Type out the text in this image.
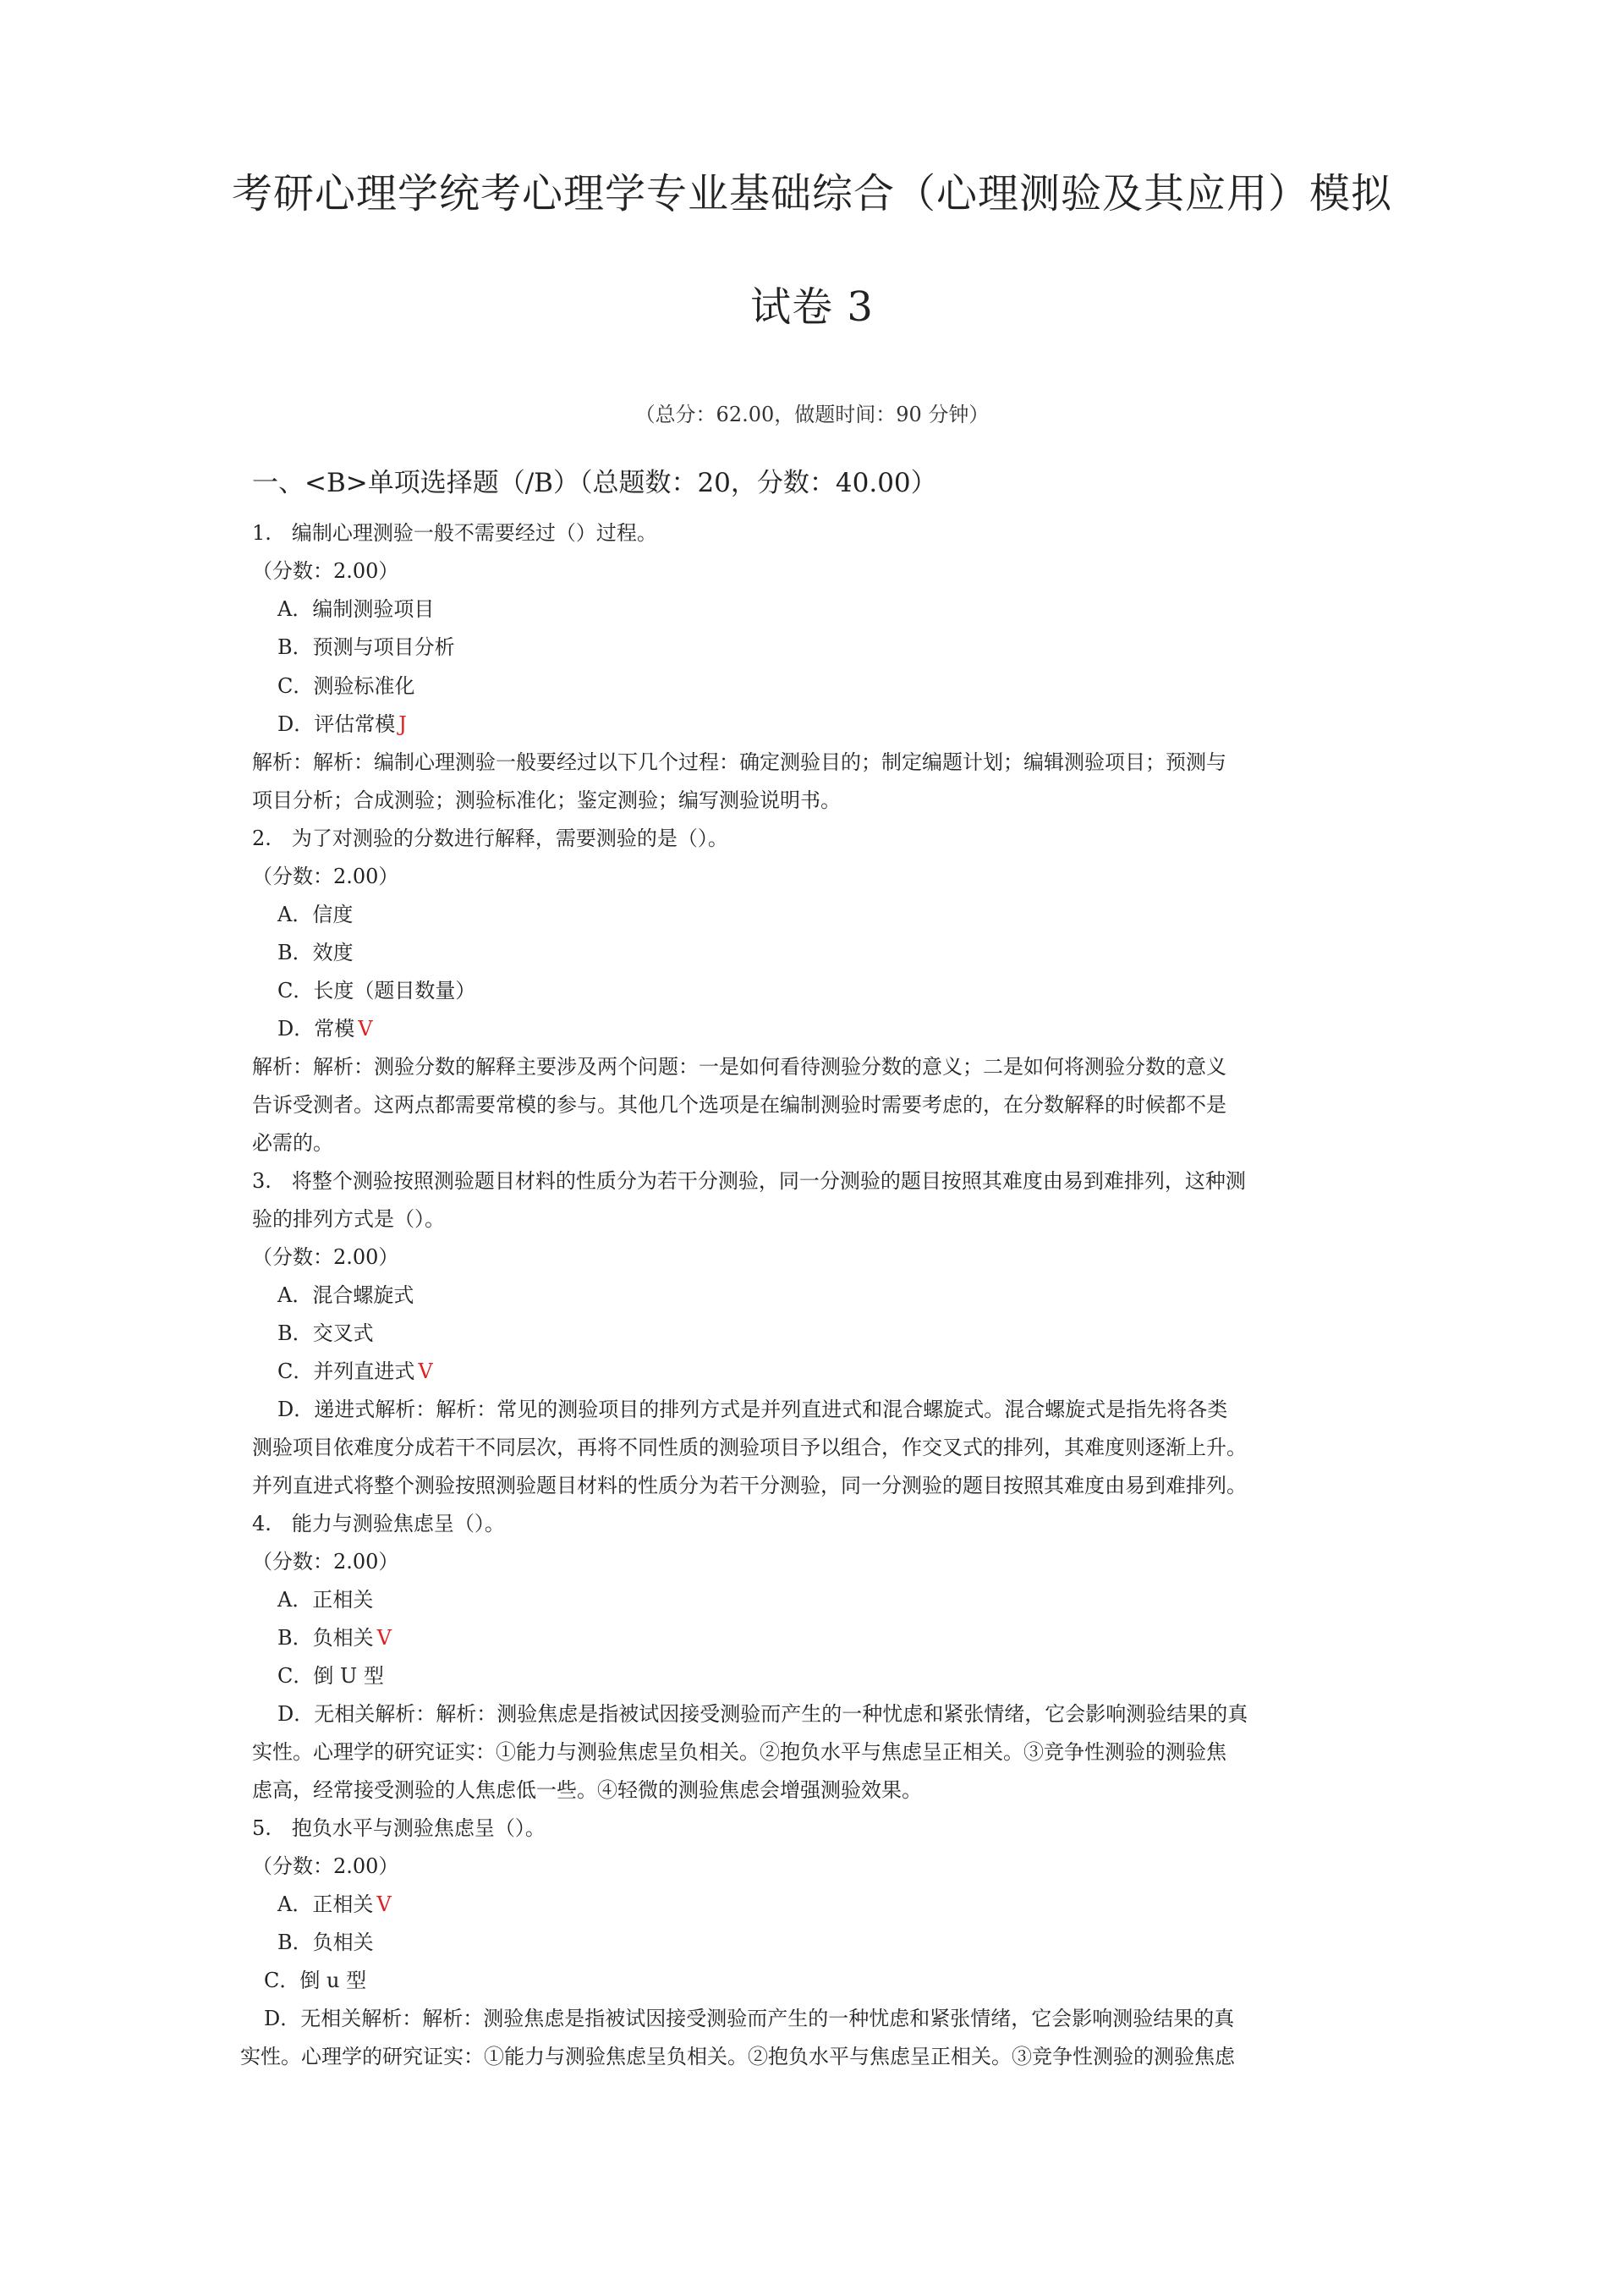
考研心理学统考心理学专业基础综合（心理测验及其应用）模拟
试卷 3
（总分：62.00，做题时间：90 分钟）
一、<B>单项选择题（/B）（总题数：20，分数：40.00）
1.　编制心理测验一般不需要经过（）过程。
（分数：2.00）
A．编制测验项目
B．预测与项目分析
C．测验标准化
D．评估常模 J
解析：解析：编制心理测验一般要经过以下几个过程：确定测验目的；制定编题计划；编辑测验项目；预测与
项目分析；合成测验；测验标准化；鉴定测验；编写测验说明书。
2.　为了对测验的分数进行解释，需要测验的是（）。
（分数：2.00）
A．信度
B．效度
C．长度（题目数量）
D．常模 V
解析：解析：测验分数的解释主要涉及两个问题：一是如何看待测验分数的意义；二是如何将测验分数的意义
告诉受测者。这两点都需要常模的参与。其他几个选项是在编制测验时需要考虑的，在分数解释的时候都不是
必需的。
3.　将整个测验按照测验题目材料的性质分为若干分测验，同一分测验的题目按照其难度由易到难排列，这种测
验的排列方式是（）。
（分数：2.00）
A．混合螺旋式
B．交叉式
C．并列直进式 V
D．递进式解析：解析：常见的测验项目的排列方式是并列直进式和混合螺旋式。混合螺旋式是指先将各类
测验项目依难度分成若干不同层次，再将不同性质的测验项目予以组合，作交叉式的排列，其难度则逐渐上升。
并列直进式将整个测验按照测验题目材料的性质分为若干分测验，同一分测验的题目按照其难度由易到难排列。
4.　能力与测验焦虑呈（）。
（分数：2.00）
A．正相关
B．负相关 V
C．倒 U 型
D．无相关解析：解析：测验焦虑是指被试因接受测验而产生的一种忧虑和紧张情绪，它会影响测验结果的真
实性。心理学的研究证实：①能力与测验焦虑呈负相关。②抱负水平与焦虑呈正相关。③竞争性测验的测验焦
虑高，经常接受测验的人焦虑低一些。④轻微的测验焦虑会增强测验效果。
5.　抱负水平与测验焦虑呈（）。
（分数：2.00）
A．正相关 V
B．负相关
C．倒 u 型
D．无相关解析：解析：测验焦虑是指被试因接受测验而产生的一种忧虑和紧张情绪，它会影响测验结果的真
实性。心理学的研究证实：①能力与测验焦虑呈负相关。②抱负水平与焦虑呈正相关。③竞争性测验的测验焦虑
